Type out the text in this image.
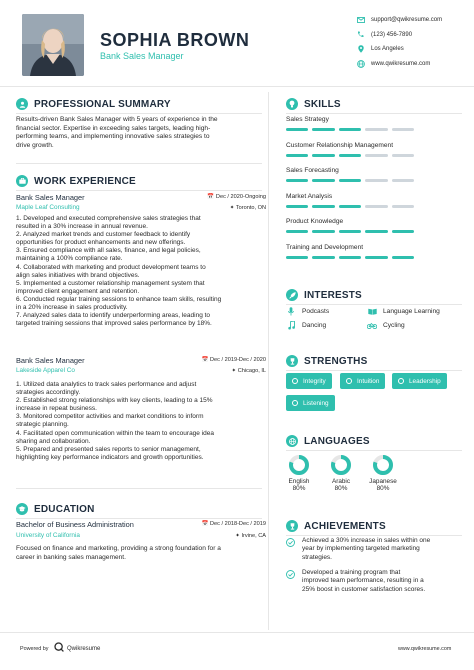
SOPHIA BROWN
Bank Sales Manager
support@qwikresume.com
(123) 456-7890
Los Angeles
www.qwikresume.com
PROFESSIONAL SUMMARY
Results-driven Bank Sales Manager with 5 years of experience in the
financial sector. Expertise in exceeding sales targets, leading high-
performing teams, and implementing innovative sales strategies to
drive growth.
WORK EXPERIENCE
Bank Sales Manager	📅 Dec / 2020-Ongoing
Maple Leaf Consulting	✦ Toronto, ON
1. Developed and executed comprehensive sales strategies that
resulted in a 30% increase in annual revenue.
2. Analyzed market trends and customer feedback to identify
opportunities for product enhancements and new offerings.
3. Ensured compliance with all sales, finance, and legal policies,
maintaining a 100% compliance rate.
4. Collaborated with marketing and product development teams to
align sales initiatives with brand objectives.
5. Implemented a customer relationship management system that
improved client engagement and retention.
6. Conducted regular training sessions to enhance team skills, resulting
in a 20% increase in sales productivity.
7. Analyzed sales data to identify underperforming areas, leading to
targeted training sessions that improved sales performance by 18%.
Bank Sales Manager	📅 Dec / 2019-Dec / 2020
Lakeside Apparel Co	✦ Chicago, IL
1. Utilized data analytics to track sales performance and adjust
strategies accordingly.
2. Established strong relationships with key clients, leading to a 15%
increase in repeat business.
3. Monitored competitor activities and market conditions to inform
strategic planning.
4. Facilitated open communication within the team to encourage idea
sharing and collaboration.
5. Prepared and presented sales reports to senior management,
highlighting key performance indicators and growth opportunities.
EDUCATION
Bachelor of Business Administration	📅 Dec / 2018-Dec / 2019
University of California	✦ Irvine, CA
Focused on finance and marketing, providing a strong foundation for a
career in banking sales management.
SKILLS
Sales Strategy
Customer Relationship Management
Sales Forecasting
Market Analysis
Product Knowledge
Training and Development
INTERESTS
Podcasts	Language Learning
Dancing	Cycling
STRENGTHS
Integrity	Intuition	Leadership
Listening
LANGUAGES
English
80%
Arabic
80%
Japanese
80%
ACHIEVEMENTS
Achieved a 30% increase in sales within one
year by implementing targeted marketing
strategies.
Developed a training program that
improved team performance, resulting in a
25% boost in customer satisfaction scores.
Powered by	Qwikresume	www.qwikresume.com
